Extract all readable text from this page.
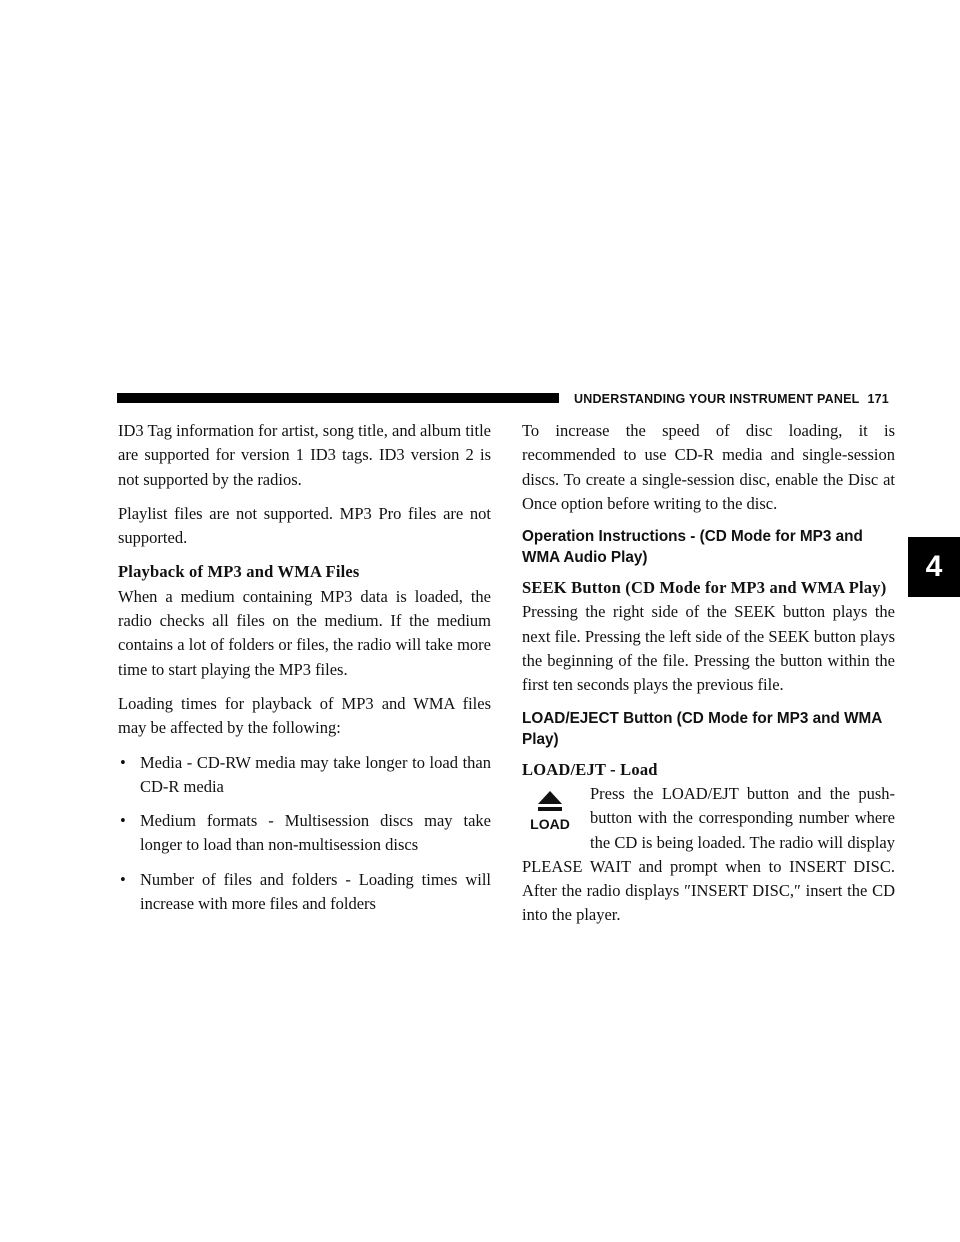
UNDERSTANDING YOUR INSTRUMENT PANEL 171
4

ID3 Tag information for artist, song title, and album title are supported for version 1 ID3 tags. ID3 version 2 is not supported by the radios.

Playlist files are not supported. MP3 Pro files are not supported.

Playback of MP3 and WMA Files

When a medium containing MP3 data is loaded, the radio checks all files on the medium. If the medium contains a lot of folders or files, the radio will take more time to start playing the MP3 files.

Loading times for playback of MP3 and WMA files may be affected by the following:

• Media - CD-RW media may take longer to load than CD-R media
• Medium formats - Multisession discs may take longer to load than non-multisession discs
• Number of files and folders - Loading times will increase with more files and folders

To increase the speed of disc loading, it is recommended to use CD-R media and single-session discs. To create a single-session disc, enable the Disc at Once option before writing to the disc.

Operation Instructions - (CD Mode for MP3 and WMA Audio Play)
SEEK Button (CD Mode for MP3 and WMA Play)

Pressing the right side of the SEEK button plays the next file. Pressing the left side of the SEEK button plays the beginning of the file. Pressing the button within the first ten seconds plays the previous file.

LOAD/EJECT Button (CD Mode for MP3 and WMA Play)
LOAD/EJT - Load
LOAD

Press the LOAD/EJT button and the push-button with the corresponding number where the CD is being loaded. The radio will display PLEASE WAIT and prompt when to INSERT DISC. After the radio displays ″INSERT DISC,″ insert the CD into the player.
